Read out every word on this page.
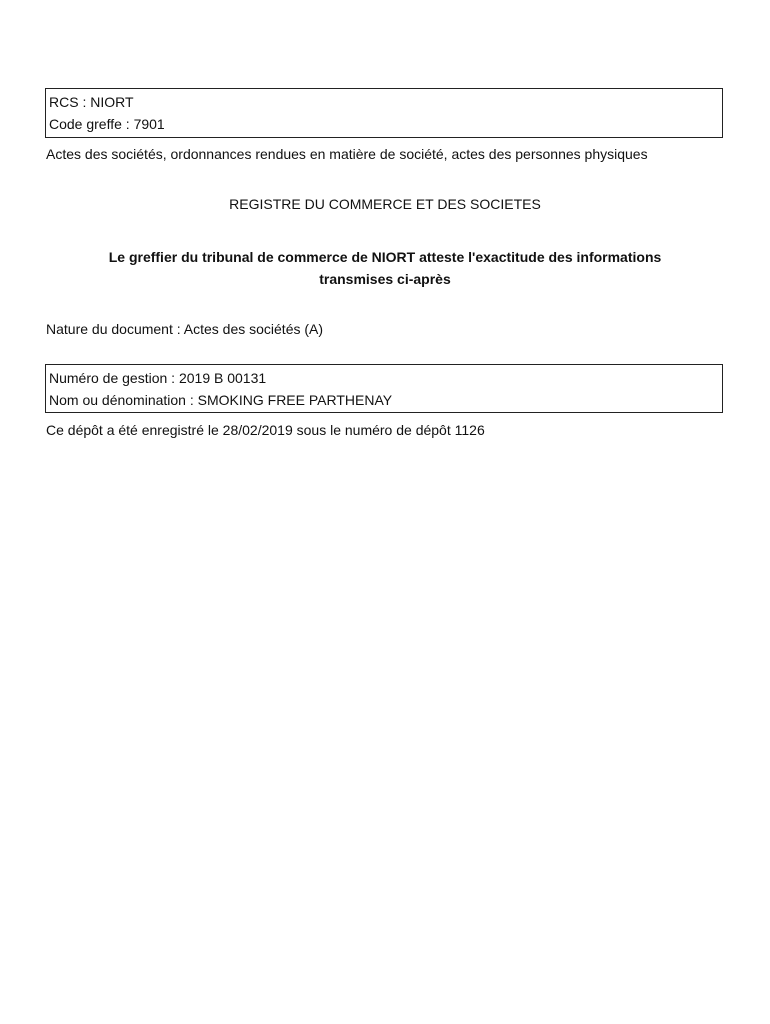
RCS : NIORT
Code greffe : 7901
Actes des sociétés, ordonnances rendues en matière de société, actes des personnes physiques
REGISTRE DU COMMERCE ET DES SOCIETES
Le greffier du tribunal de commerce de NIORT atteste l'exactitude des informations
transmises ci-après
Nature du document : Actes des sociétés (A)
Numéro de gestion : 2019 B 00131
Nom ou dénomination : SMOKING FREE PARTHENAY
Ce dépôt a été enregistré le 28/02/2019 sous le numéro de dépôt 1126
